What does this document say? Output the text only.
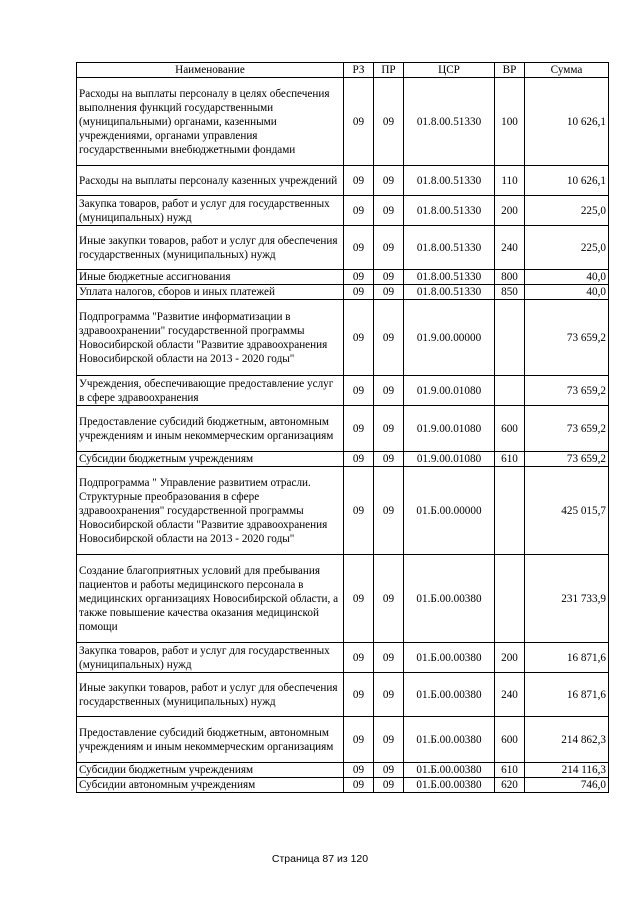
Наименование	РЗ	ПР	ЦСР	ВР	Сумма
Расходы на выплаты персоналу в целях обеспечения выполнения функций государственными (муниципальными) органами, казенными учреждениями, органами управления государственными внебюджетными фондами	09	09	01.8.00.51330	100	10 626,1
Расходы на выплаты персоналу казенных учреждений	09	09	01.8.00.51330	110	10 626,1
Закупка товаров, работ и услуг для государственных (муниципальных) нужд	09	09	01.8.00.51330	200	225,0
Иные закупки товаров, работ и услуг для обеспечения государственных (муниципальных) нужд	09	09	01.8.00.51330	240	225,0
Иные бюджетные ассигнования	09	09	01.8.00.51330	800	40,0
Уплата налогов, сборов и иных платежей	09	09	01.8.00.51330	850	40,0
Подпрограмма "Развитие информатизации в здравоохранении" государственной программы Новосибирской области "Развитие здравоохранения Новосибирской области на 2013 - 2020 годы"	09	09	01.9.00.00000		73 659,2
Учреждения, обеспечивающие предоставление услуг в сфере здравоохранения	09	09	01.9.00.01080		73 659,2
Предоставление субсидий бюджетным, автономным учреждениям и иным некоммерческим организациям	09	09	01.9.00.01080	600	73 659,2
Субсидии бюджетным учреждениям	09	09	01.9.00.01080	610	73 659,2
Подпрограмма " Управление развитием отрасли. Структурные преобразования в сфере здравоохранения" государственной программы Новосибирской области "Развитие здравоохранения Новосибирской области на 2013 - 2020 годы"	09	09	01.Б.00.00000		425 015,7
Создание благоприятных условий для пребывания пациентов и работы медицинского персонала в медицинских организациях Новосибирской области, а также повышение качества оказания медицинской помощи	09	09	01.Б.00.00380		231 733,9
Закупка товаров, работ и услуг для государственных (муниципальных) нужд	09	09	01.Б.00.00380	200	16 871,6
Иные закупки товаров, работ и услуг для обеспечения государственных (муниципальных) нужд	09	09	01.Б.00.00380	240	16 871,6
Предоставление субсидий бюджетным, автономным учреждениям и иным некоммерческим организациям	09	09	01.Б.00.00380	600	214 862,3
Субсидии бюджетным учреждениям	09	09	01.Б.00.00380	610	214 116,3
Субсидии автономным учреждениям	09	09	01.Б.00.00380	620	746,0
Страница 87 из 120
